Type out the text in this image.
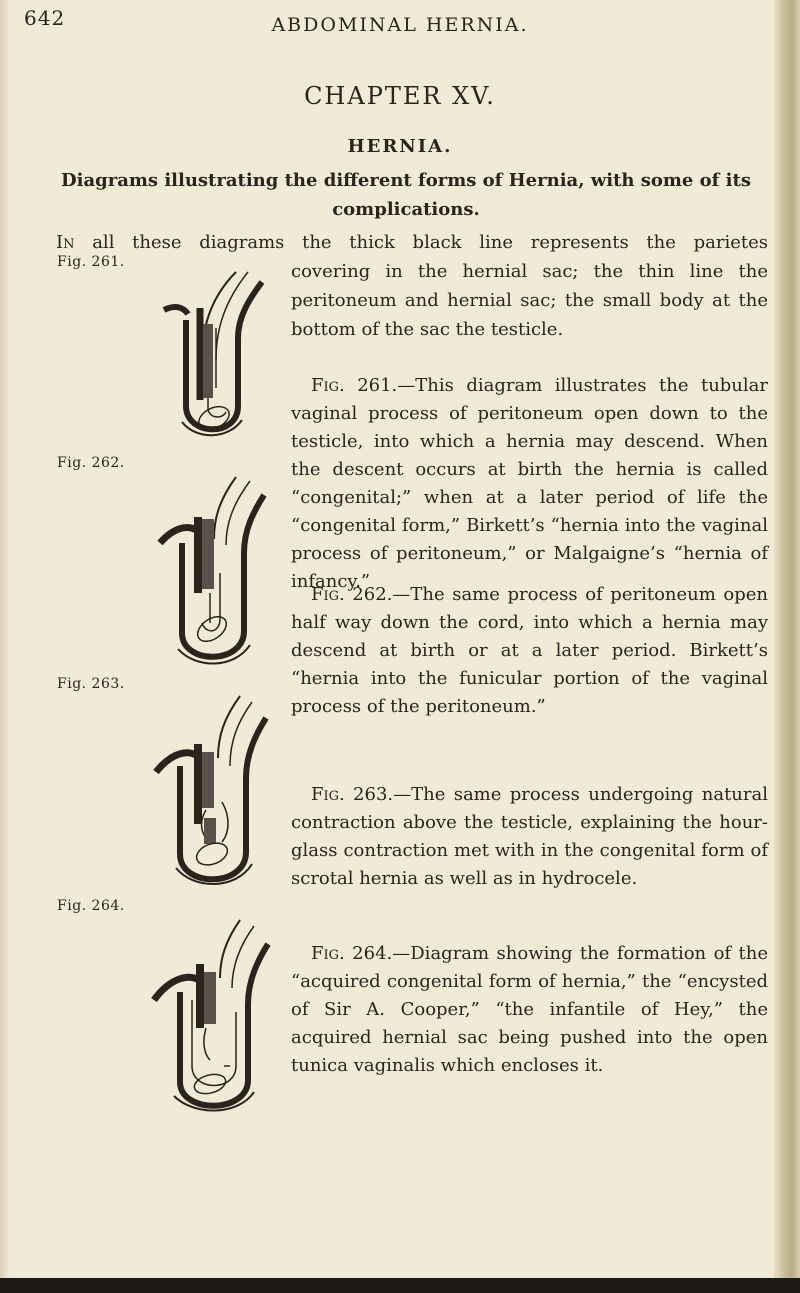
642	ABDOMINAL HERNIA.
CHAPTER XV.
HERNIA.

Diagrams illustrating the different forms of Hernia, with some of its complications.

In all these diagrams the thick black line represents the parietes

covering in the hernial sac; the thin line the peritoneum and hernial sac; the small body at the bottom of the sac the testicle.

Fig. 261.
Fig. 262.
Fig. 263.
Fig. 264.

Fig. 261.—This diagram illustrates the tubular vaginal process of peritoneum open down to the testicle, into which a hernia may descend. When the descent occurs at birth the hernia is called “congenital;” when at a later period of life the “congenital form,” Birkett’s “hernia into the vaginal process of peritoneum,” or Malgaigne’s “hernia of infancy.”

Fig. 262.—The same process of peritoneum open half way down the cord, into which a hernia may descend at birth or at a later period. Birkett’s “hernia into the funicular portion of the vaginal process of the peritoneum.”

Fig. 263.—The same process undergoing natural contraction above the testicle, explaining the hour-glass contraction met with in the congenital form of scrotal hernia as well as in hydrocele.

Fig. 264.—Diagram showing the formation of the “acquired congenital form of hernia,” the “encysted of Sir A. Cooper,” “the infantile of Hey,” the acquired hernial sac being pushed into the open tunica vaginalis which encloses it.
